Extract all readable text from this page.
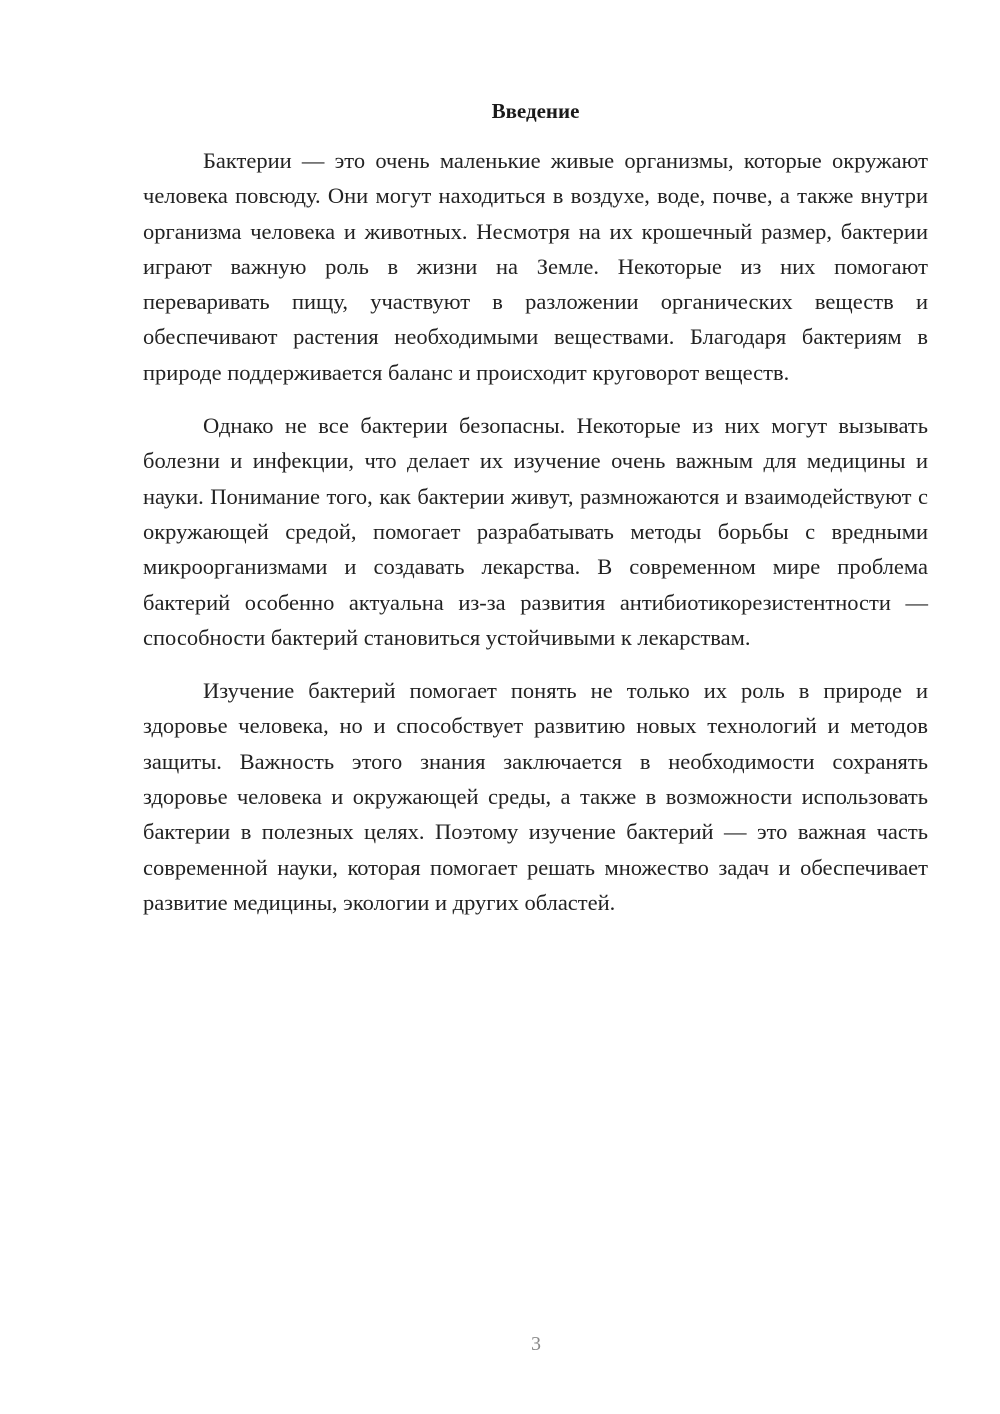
Введение

Бактерии — это очень маленькие живые организмы, которые окружают человека повсюду. Они могут находиться в воздухе, воде, почве, а также внутри организма человека и животных. Несмотря на их крошечный размер, бактерии играют важную роль в жизни на Земле. Некоторые из них помогают переваривать пищу, участвуют в разложении органических веществ и обеспечивают растения необходимыми веществами. Благодаря бактериям в природе поддерживается баланс и происходит круговорот веществ.

Однако не все бактерии безопасны. Некоторые из них могут вызывать болезни и инфекции, что делает их изучение очень важным для медицины и науки. Понимание того, как бактерии живут, размножаются и взаимодействуют с окружающей средой, помогает разрабатывать методы борьбы с вредными микроорганизмами и создавать лекарства. В современном мире проблема бактерий особенно актуальна из-за развития антибиотикорезистентности — способности бактерий становиться устойчивыми к лекарствам.

Изучение бактерий помогает понять не только их роль в природе и здоровье человека, но и способствует развитию новых технологий и методов защиты. Важность этого знания заключается в необходимости сохранять здоровье человека и окружающей среды, а также в возможности использовать бактерии в полезных целях. Поэтому изучение бактерий — это важная часть современной науки, которая помогает решать множество задач и обеспечивает развитие медицины, экологии и других областей.

3
